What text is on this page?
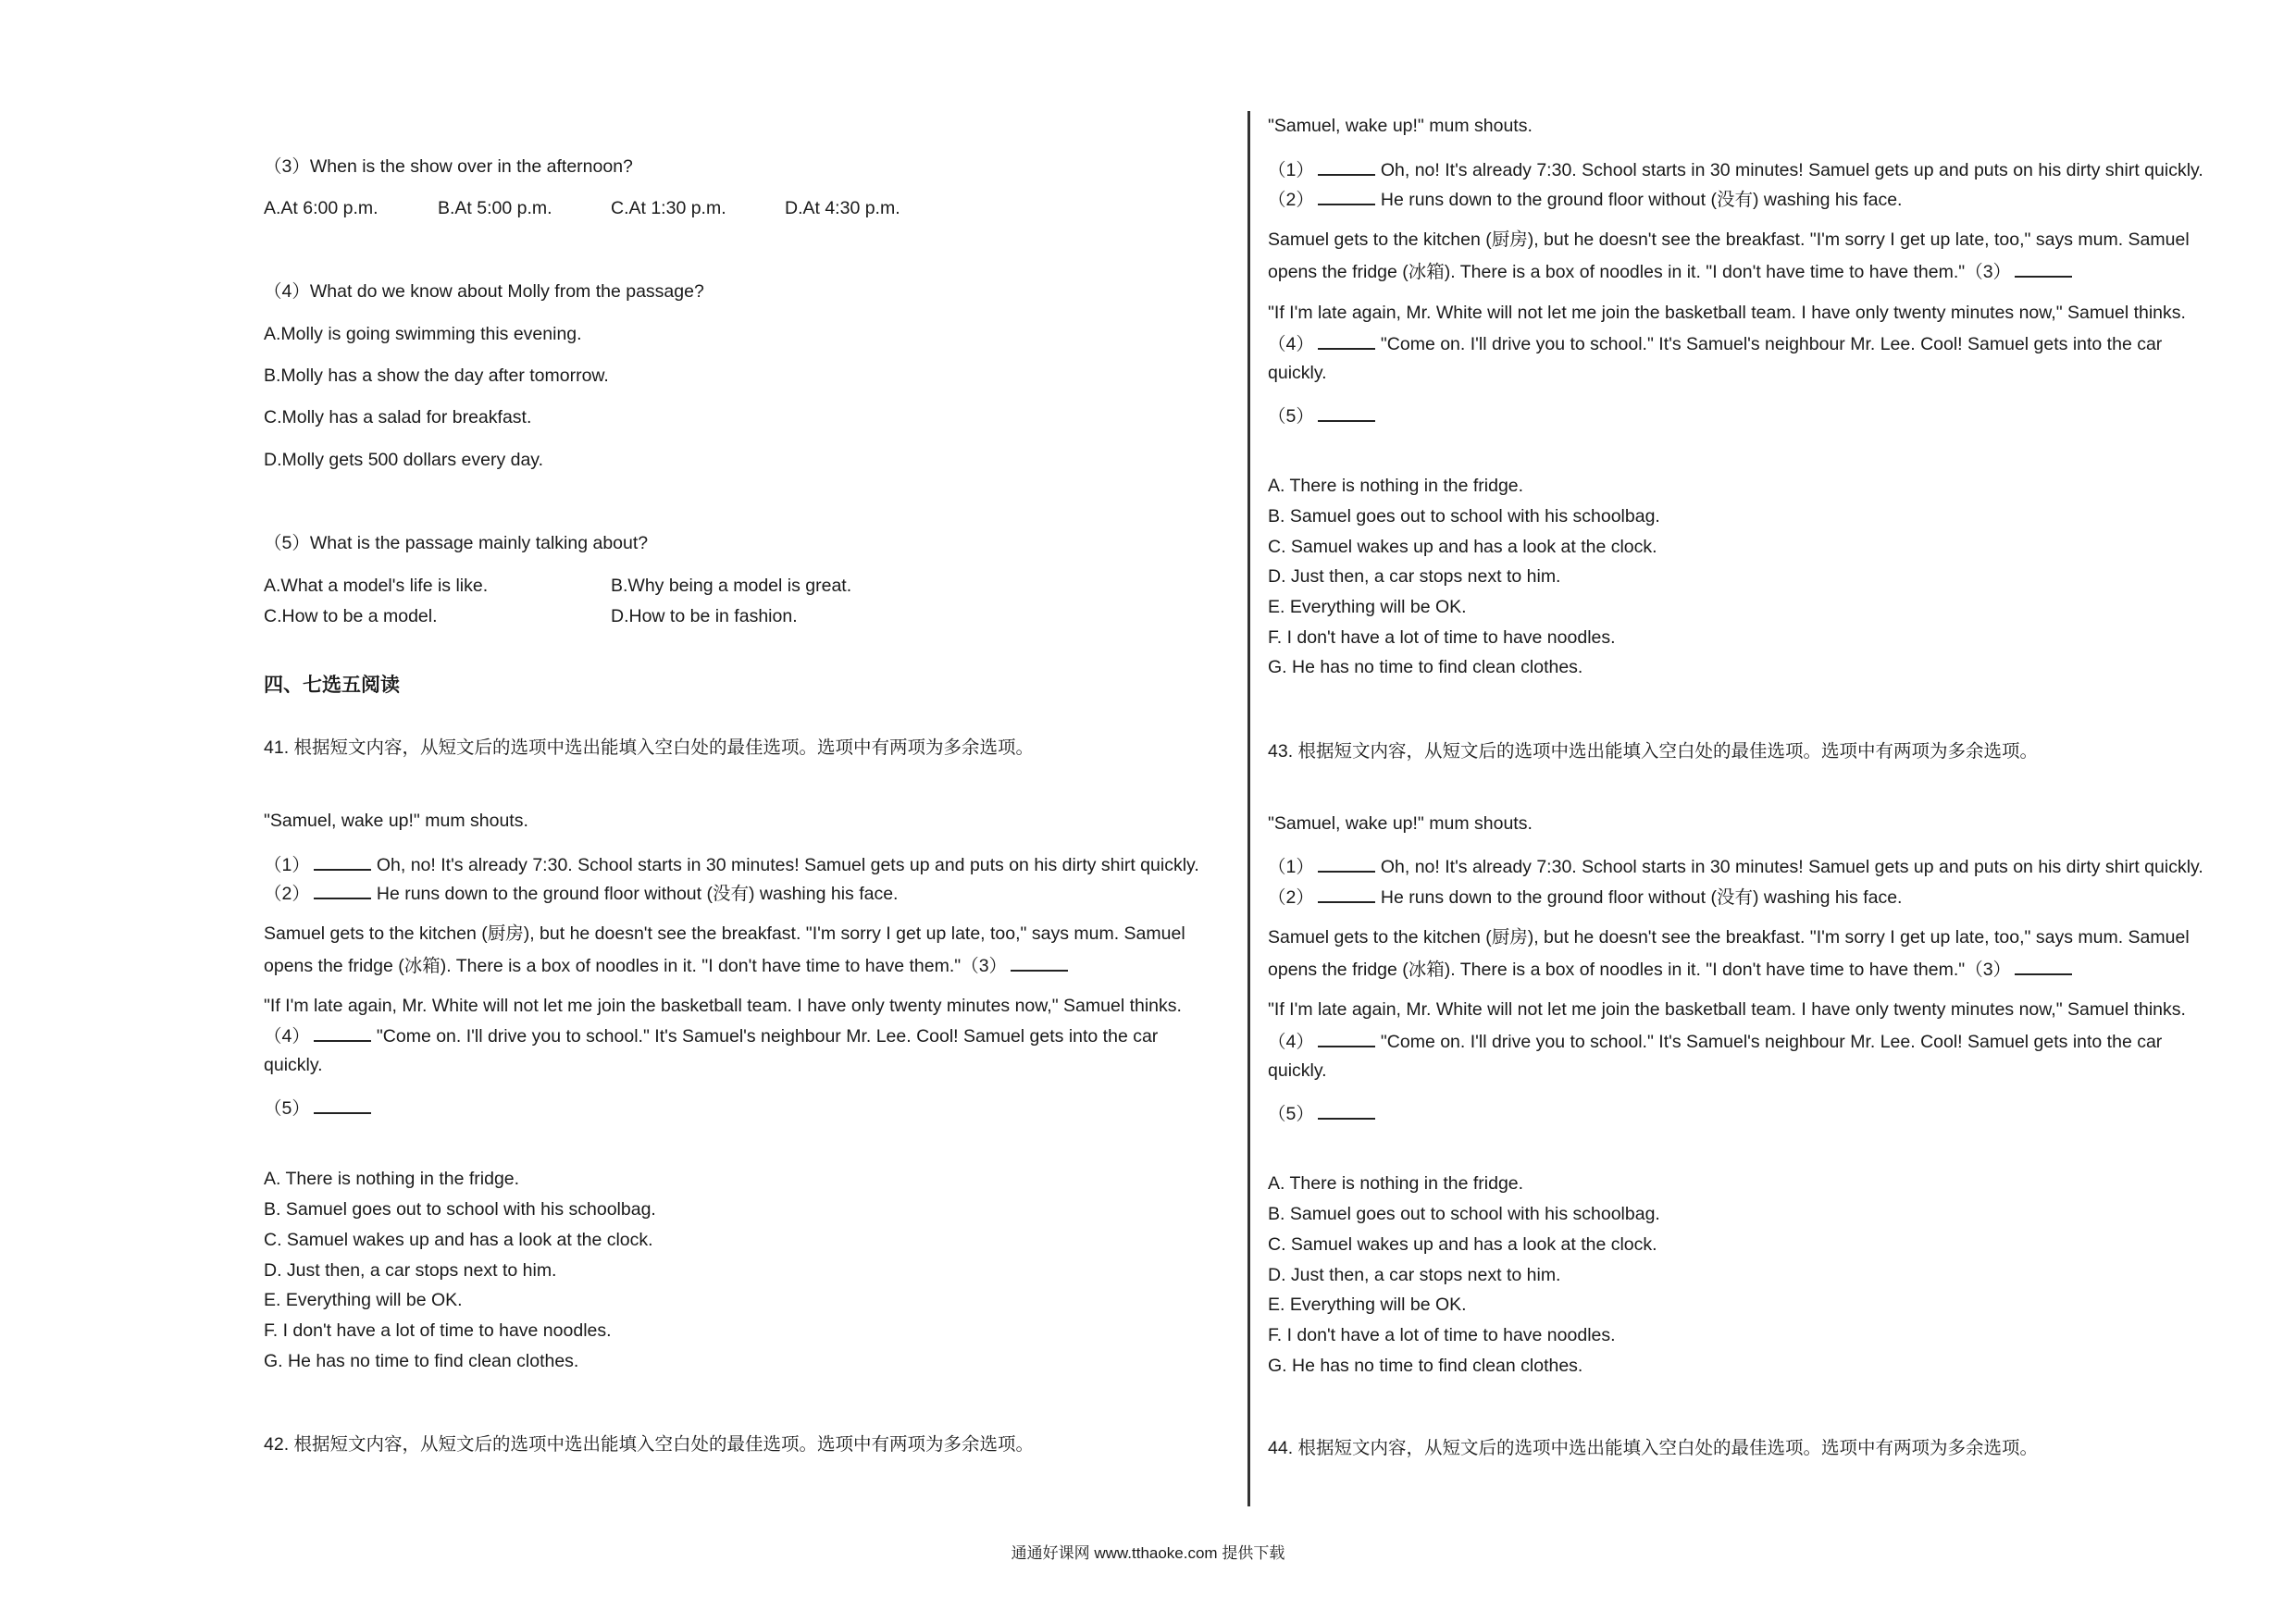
（3）When is the show over in the afternoon?
A.At 6:00 p.m.	B.At 5:00 p.m.	C.At 1:30 p.m.	D.At 4:30 p.m.
（4）What do we know about Molly from the passage?
A.Molly is going swimming this evening.
B.Molly has a show the day after tomorrow.
C.Molly has a salad for breakfast.
D.Molly gets 500 dollars every day.
（5）What is the passage mainly talking about?
A.What a model's life is like.	B.Why being a model is great.
C.How to be a model.	D.How to be in fashion.
四、七选五阅读
41. 根据短文内容，从短文后的选项中选出能填入空白处的最佳选项。选项中有两项为多余选项。
"Samuel, wake up!" mum shouts.
（1）	Oh, no! It's already 7:30. School starts in 30 minutes! Samuel gets up and puts on his dirty shirt quickly.
（2）	He runs down to the ground floor without (没有) washing his face.
Samuel gets to the kitchen (厨房), but he doesn't see the breakfast. "I'm sorry I get up late, too," says mum. Samuel
opens the fridge (冰箱). There is a box of noodles in it. "I don't have time to have them."（3）
"If I'm late again, Mr. White will not let me join the basketball team. I have only twenty minutes now," Samuel thinks.
（4）	"Come on. I'll drive you to school." It's Samuel's neighbour Mr. Lee. Cool! Samuel gets into the car
quickly.
（5）
A. There is nothing in the fridge.
B. Samuel goes out to school with his schoolbag.
C. Samuel wakes up and has a look at the clock.
D. Just then, a car stops next to him.
E. Everything will be OK.
F. I don't have a lot of time to have noodles.
G. He has no time to find clean clothes.
42. 根据短文内容，从短文后的选项中选出能填入空白处的最佳选项。选项中有两项为多余选项。
"Samuel, wake up!" mum shouts.
（1）	Oh, no! It's already 7:30. School starts in 30 minutes! Samuel gets up and puts on his dirty shirt quickly.
（2）	He runs down to the ground floor without (没有) washing his face.
Samuel gets to the kitchen (厨房), but he doesn't see the breakfast. "I'm sorry I get up late, too," says mum. Samuel
opens the fridge (冰箱). There is a box of noodles in it. "I don't have time to have them."（3）
"If I'm late again, Mr. White will not let me join the basketball team. I have only twenty minutes now," Samuel thinks.
（4）	"Come on. I'll drive you to school." It's Samuel's neighbour Mr. Lee. Cool! Samuel gets into the car
quickly.
（5）
A. There is nothing in the fridge.
B. Samuel goes out to school with his schoolbag.
C. Samuel wakes up and has a look at the clock.
D. Just then, a car stops next to him.
E. Everything will be OK.
F. I don't have a lot of time to have noodles.
G. He has no time to find clean clothes.
43. 根据短文内容，从短文后的选项中选出能填入空白处的最佳选项。选项中有两项为多余选项。
"Samuel, wake up!" mum shouts.
（1）	Oh, no! It's already 7:30. School starts in 30 minutes! Samuel gets up and puts on his dirty shirt quickly.
（2）	He runs down to the ground floor without (没有) washing his face.
Samuel gets to the kitchen (厨房), but he doesn't see the breakfast. "I'm sorry I get up late, too," says mum. Samuel
opens the fridge (冰箱). There is a box of noodles in it. "I don't have time to have them."（3）
"If I'm late again, Mr. White will not let me join the basketball team. I have only twenty minutes now," Samuel thinks.
（4）	"Come on. I'll drive you to school." It's Samuel's neighbour Mr. Lee. Cool! Samuel gets into the car
quickly.
（5）
A. There is nothing in the fridge.
B. Samuel goes out to school with his schoolbag.
C. Samuel wakes up and has a look at the clock.
D. Just then, a car stops next to him.
E. Everything will be OK.
F. I don't have a lot of time to have noodles.
G. He has no time to find clean clothes.
44. 根据短文内容，从短文后的选项中选出能填入空白处的最佳选项。选项中有两项为多余选项。
通通好课网 www.tthaoke.com 提供下载
